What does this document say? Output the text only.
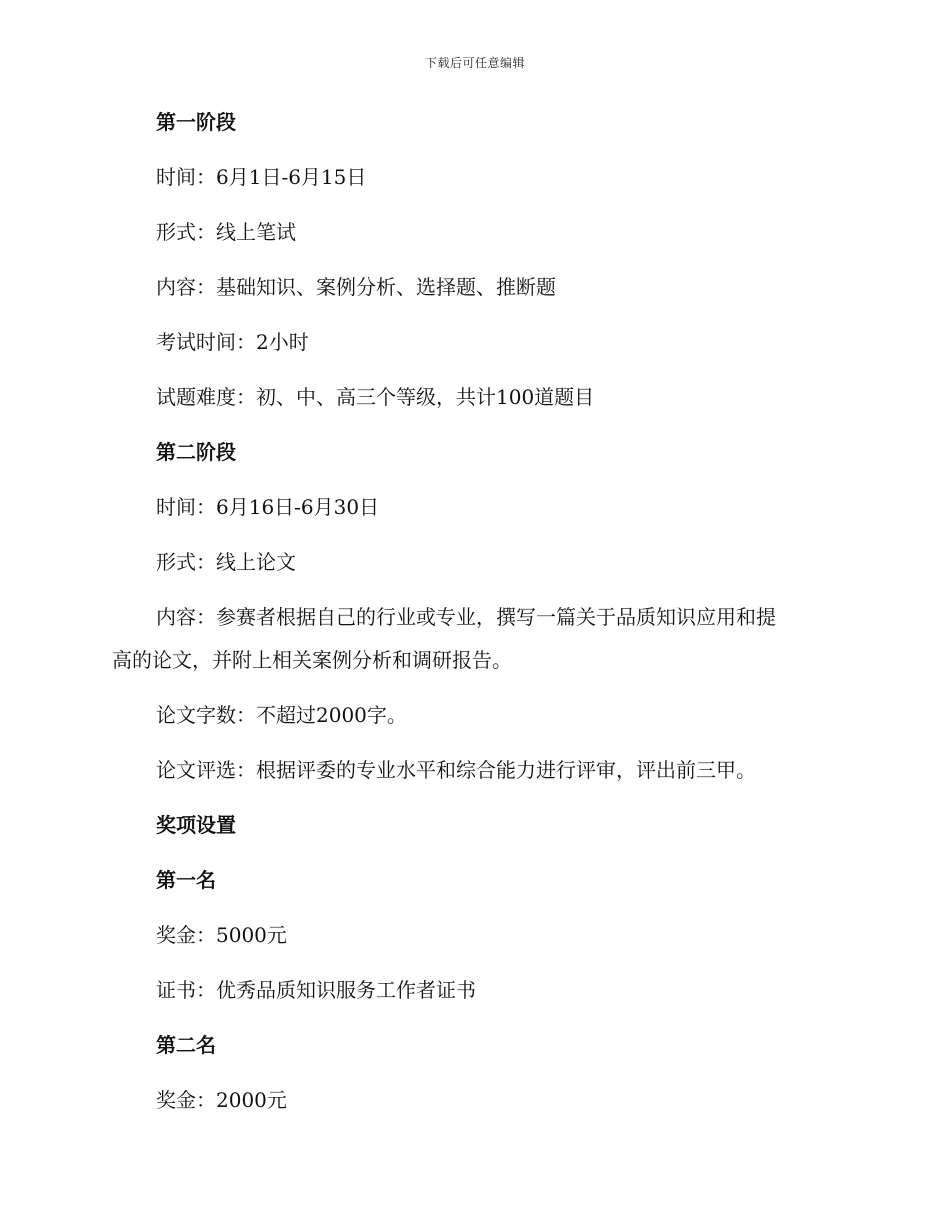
下载后可任意编辑

第一阶段

时间：6月1日-6月15日

形式：线上笔试

内容：基础知识、案例分析、选择题、推断题

考试时间：2小时

试题难度：初、中、高三个等级，共计100道题目

第二阶段

时间：6月16日-6月30日

形式：线上论文

内容：参赛者根据自己的行业或专业，撰写一篇关于品质知识应用和提
高的论文，并附上相关案例分析和调研报告。

论文字数：不超过2000字。

论文评选：根据评委的专业水平和综合能力进行评审，评出前三甲。

奖项设置

第一名

奖金：5000元

证书：优秀品质知识服务工作者证书

第二名

奖金：2000元
